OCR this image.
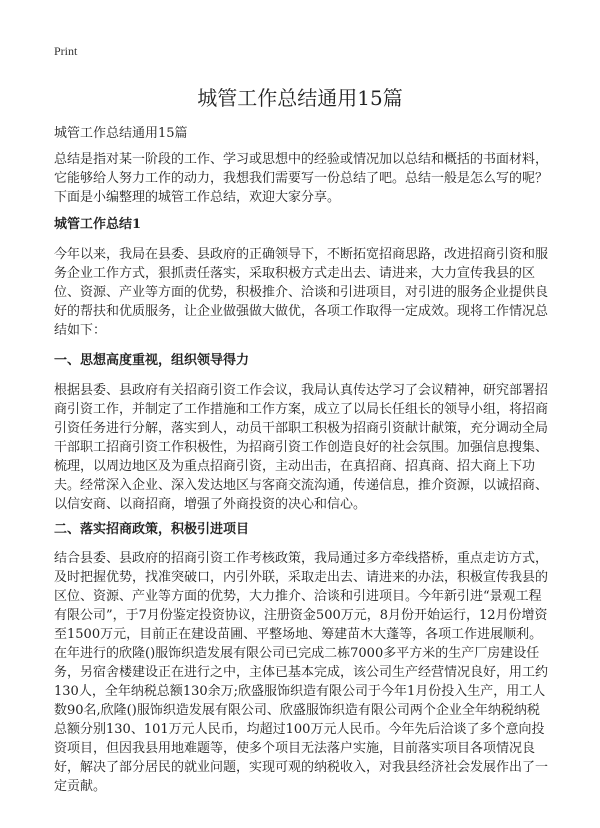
Print
城管工作总结通用15篇

城管工作总结通用15篇

总结是指对某一阶段的工作、学习或思想中的经验或情况加以总结和概括的书面材料，它能够给人努力工作的动力，我想我们需要写一份总结了吧。总结一般是怎么写的呢？下面是小编整理的城管工作总结，欢迎大家分享。

城管工作总结1

今年以来，我局在县委、县政府的正确领导下，不断拓宽招商思路，改进招商引资和服务企业工作方式，狠抓责任落实，采取积极方式走出去、请进来，大力宣传我县的区位、资源、产业等方面的优势，积极推介、洽谈和引进项目，对引进的服务企业提供良好的帮扶和优质服务，让企业做强做大做优，各项工作取得一定成效。现将工作情况总结如下：

一、思想高度重视，组织领导得力

根据县委、县政府有关招商引资工作会议，我局认真传达学习了会议精神，研究部署招商引资工作，并制定了工作措施和工作方案，成立了以局长任组长的领导小组，将招商引资任务进行分解，落实到人，动员干部职工积极为招商引资献计献策，充分调动全局干部职工招商引资工作积极性，为招商引资工作创造良好的社会氛围。加强信息搜集、梳理，以周边地区及为重点招商引资，主动出击，在真招商、招真商、招大商上下功夫。经常深入企业、深入发达地区与客商交流沟通，传递信息，推介资源，以诚招商、以信安商、以商招商，增强了外商投资的决心和信心。

二、落实招商政策，积极引进项目

结合县委、县政府的招商引资工作考核政策，我局通过多方牵线搭桥，重点走访方式，及时把握优势，找准突破口，内引外联，采取走出去、请进来的办法，积极宣传我县的区位、资源、产业等方面的优势，大力推介、洽谈和引进项目。今年新引进“景观工程有限公司”，于7月份鉴定投资协议，注册资金500万元，8月份开始运行，12月份增资至1500万元，目前正在建设苗圃、平整场地、筹建苗木大蓬等，各项工作进展顺利。在年进行的欣隆()服饰织造发展有限公司已完成二栋7000多平方米的生产厂房建设任务，另宿舍楼建设正在进行之中，主体已基本完成，该公司生产经营情况良好，用工约130人，全年纳税总额130余万;欣盛服饰织造有限公司于今年1月份投入生产，用工人数90名,欣隆()服饰织造发展有限公司、欣盛服饰织造有限公司两个企业全年纳税纳税总额分别130、101万元人民币，均超过100万元人民币。今年先后洽谈了多个意向投资项目，但因我县用地难题等，使多个项目无法落户实施，目前落实项目各项情况良好，解决了部分居民的就业问题，实现可观的纳税收入，对我县经济社会发展作出了一定贡献。
